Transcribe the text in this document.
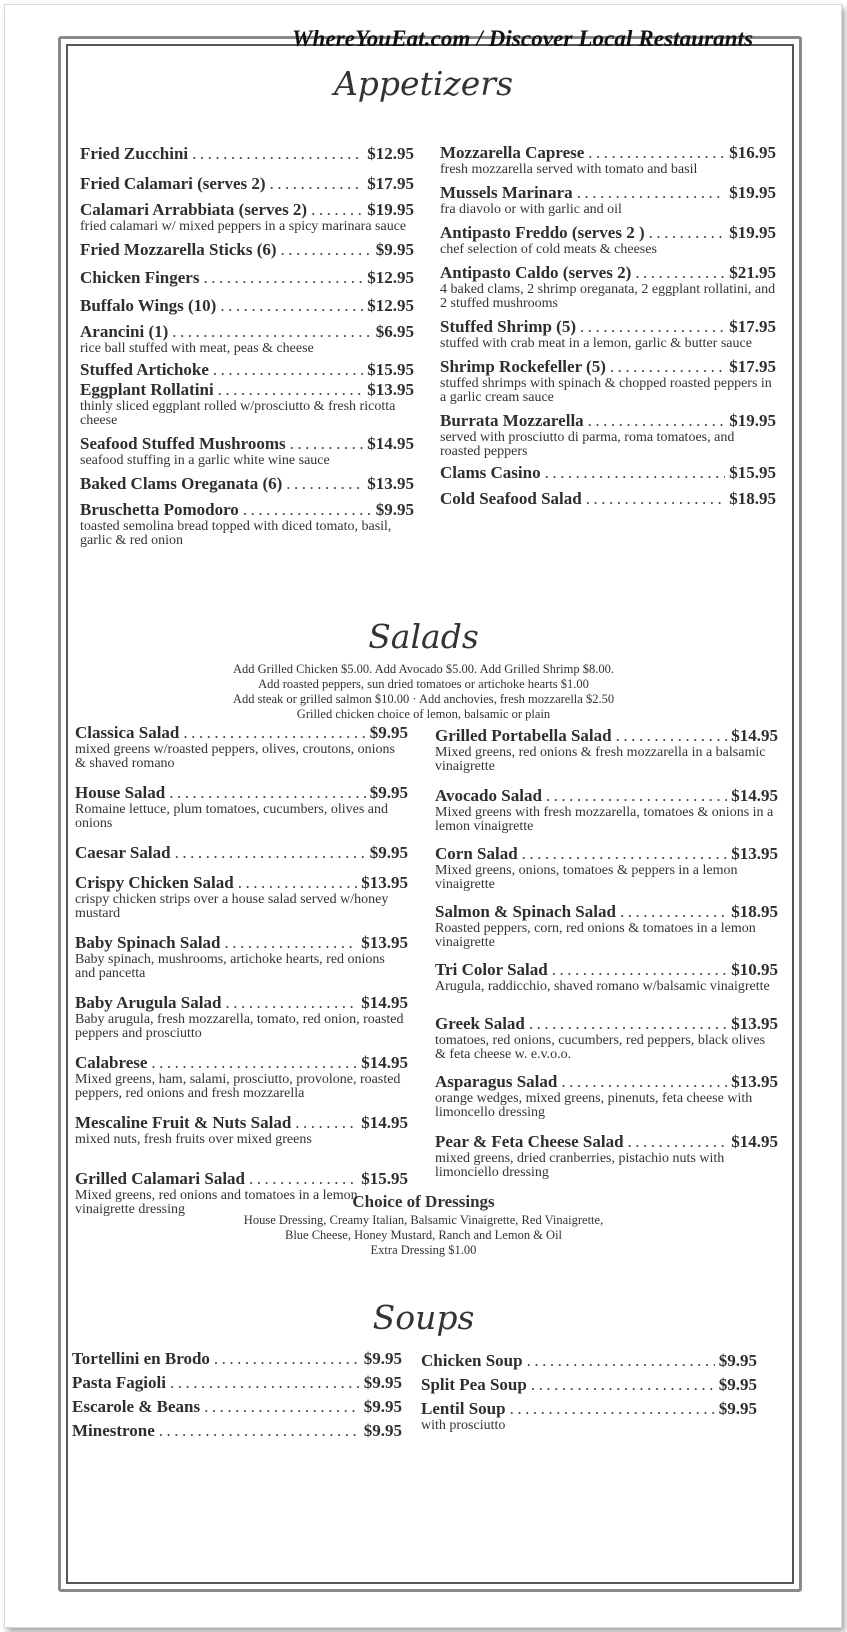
WhereYouEat.com / Discover Local Restaurants
Appetizers
Fried Zucchini .....	$12.95
Fried Calamari (serves 2) .....	$17.95
Calamari Arrabbiata (serves 2) .....	$19.95
fried calamari w/ mixed peppers in a spicy marinara sauce
Fried Mozzarella Sticks (6) .....	$9.95
Chicken Fingers .....	$12.95
Buffalo Wings (10) .....	$12.95
Arancini (1) .....	$6.95
rice ball stuffed with meat, peas & cheese
Stuffed Artichoke .....	$15.95
Eggplant Rollatini .....	$13.95
thinly sliced eggplant rolled w/prosciutto & fresh ricotta cheese
Seafood Stuffed Mushrooms .....	$14.95
seafood stuffing in a garlic white wine sauce
Baked Clams Oreganata (6) .....	$13.95
Bruschetta Pomodoro .....	$9.95
toasted semolina bread topped with diced tomato, basil, garlic & red onion
Mozzarella Caprese .....	$16.95
fresh mozzarella served with tomato and basil
Mussels Marinara .....	$19.95
fra diavolo or with garlic and oil
Antipasto Freddo (serves 2 ) .....	$19.95
chef selection of cold meats & cheeses
Antipasto Caldo (serves 2) .....	$21.95
4 baked clams, 2 shrimp oreganata, 2 eggplant rollatini, and 2 stuffed mushrooms
Stuffed Shrimp (5) .....	$17.95
stuffed with crab meat in a lemon, garlic & butter sauce
Shrimp Rockefeller (5) .....	$17.95
stuffed shrimps with spinach & chopped roasted peppers in a garlic cream sauce
Burrata Mozzarella .....	$19.95
served with prosciutto di parma, roma tomatoes, and roasted peppers
Clams Casino .....	$15.95
Cold Seafood Salad .....	$18.95
Salads
Add Grilled Chicken $5.00. Add Avocado $5.00. Add Grilled Shrimp $8.00.
Add roasted peppers, sun dried tomatoes or artichoke hearts $1.00
Add steak or grilled salmon $10.00 · Add anchovies, fresh mozzarella $2.50
Grilled chicken choice of lemon, balsamic or plain
Classica Salad .....	$9.95
mixed greens w/roasted peppers, olives, croutons, onions & shaved romano
House Salad .....	$9.95
Romaine lettuce, plum tomatoes, cucumbers, olives and onions
Caesar Salad .....	$9.95
Crispy Chicken Salad .....	$13.95
crispy chicken strips over a house salad served w/honey mustard
Baby Spinach Salad .....	$13.95
Baby spinach, mushrooms, artichoke hearts, red onions and pancetta
Baby Arugula Salad .....	$14.95
Baby arugula, fresh mozzarella, tomato, red onion, roasted peppers and prosciutto
Calabrese .....	$14.95
Mixed greens, ham, salami, prosciutto, provolone, roasted peppers, red onions and fresh mozzarella
Mescaline Fruit & Nuts Salad .....	$14.95
mixed nuts, fresh fruits over mixed greens
Grilled Calamari Salad .....	$15.95
Mixed greens, red onions and tomatoes in a lemon vinaigrette dressing
Grilled Portabella Salad .....	$14.95
Mixed greens, red onions & fresh mozzarella in a balsamic vinaigrette
Avocado Salad .....	$14.95
Mixed greens with fresh mozzarella, tomatoes & onions in a lemon vinaigrette
Corn Salad .....	$13.95
Mixed greens, onions, tomatoes & peppers in a lemon vinaigrette
Salmon & Spinach Salad .....	$18.95
Roasted peppers, corn, red onions & tomatoes in a lemon vinaigrette
Tri Color Salad .....	$10.95
Arugula, raddicchio, shaved romano w/balsamic vinaigrette
Greek Salad .....	$13.95
tomatoes, red onions, cucumbers, red peppers, black olives & feta cheese w. e.v.o.o.
Asparagus Salad .....	$13.95
orange wedges, mixed greens, pinenuts, feta cheese with limoncello dressing
Pear & Feta Cheese Salad .....	$14.95
mixed greens, dried cranberries, pistachio nuts with limonciello dressing
Choice of Dressings
House Dressing, Creamy Italian, Balsamic Vinaigrette, Red Vinaigrette,
Blue Cheese, Honey Mustard, Ranch and Lemon & Oil
Extra Dressing $1.00
Soups
Tortellini en Brodo .....	$9.95
Pasta Fagioli .....	$9.95
Escarole & Beans .....	$9.95
Minestrone .....	$9.95
Chicken Soup .....	$9.95
Split Pea Soup .....	$9.95
Lentil Soup .....	$9.95
with prosciutto
